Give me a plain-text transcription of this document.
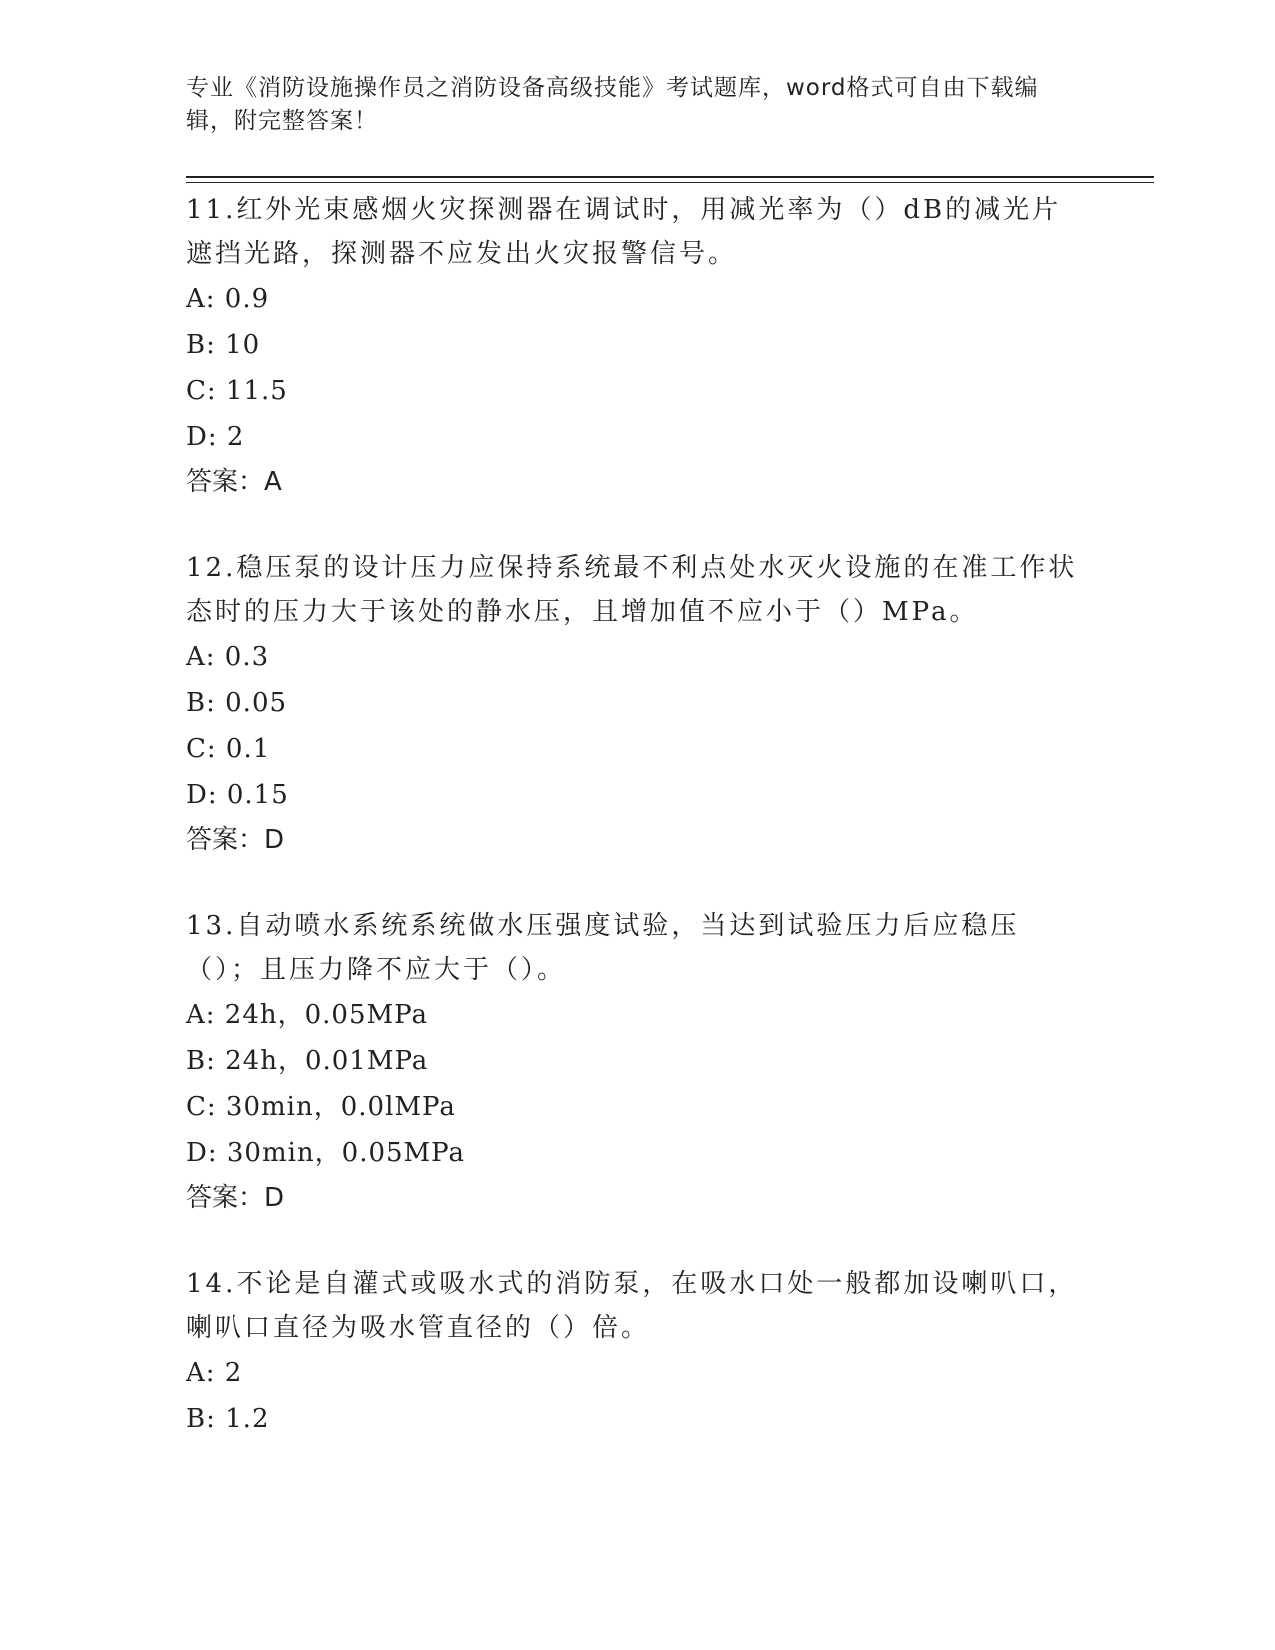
专业《消防设施操作员之消防设备高级技能》考试题库，word格式可自由下载编辑，附完整答案！

11.红外光束感烟火灾探测器在调试时，用减光率为（）dB的减光片遮挡光路，探测器不应发出火灾报警信号。

A: 0.9

B: 10

C: 11.5

D: 2

答案：A

12.稳压泵的设计压力应保持系统最不利点处水灭火设施的在准工作状态时的压力大于该处的静水压，且增加值不应小于（）MPa。

A: 0.3

B: 0.05

C: 0.1

D: 0.15

答案：D

13.自动喷水系统系统做水压强度试验，当达到试验压力后应稳压（）；且压力降不应大于（）。

A: 24h，0.05MPa

B: 24h，0.01MPa

C: 30min，0.0lMPa

D: 30min，0.05MPa

答案：D

14.不论是自灌式或吸水式的消防泵，在吸水口处一般都加设喇叭口，喇叭口直径为吸水管直径的（）倍。

A: 2

B: 1.2
